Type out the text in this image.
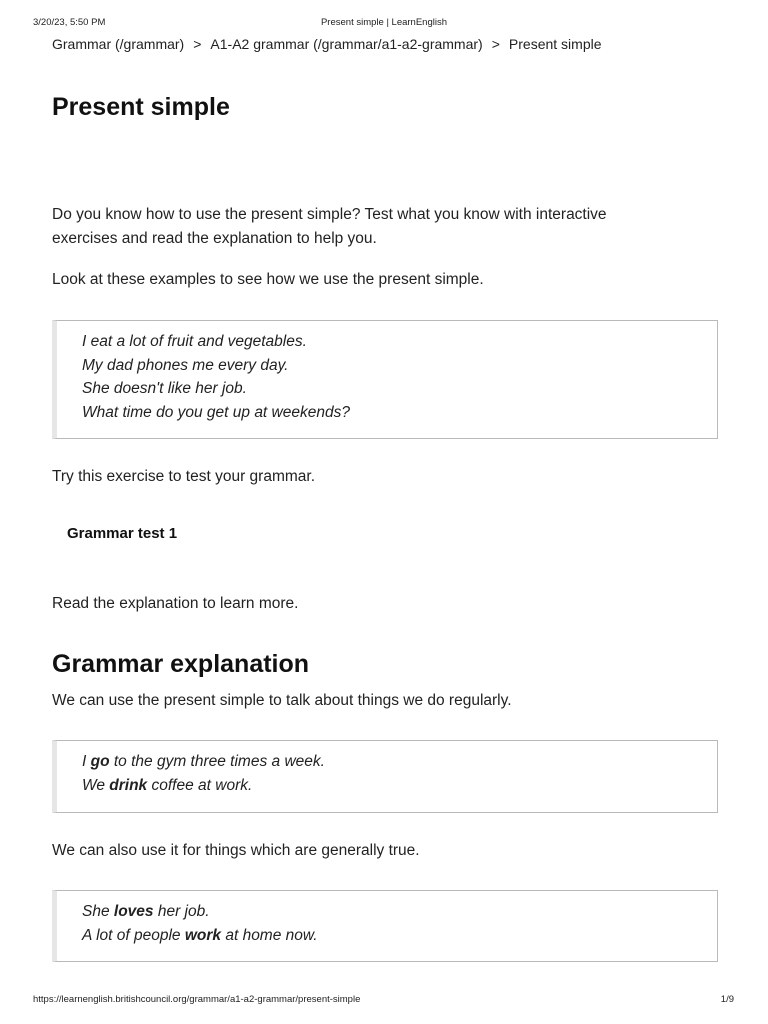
3/20/23, 5:50 PM	Present simple | LearnEnglish
Grammar (/grammar) > A1-A2 grammar (/grammar/a1-a2-grammar) > Present simple
Present simple
Do you know how to use the present simple? Test what you know with interactive
exercises and read the explanation to help you.
Look at these examples to see how we use the present simple.
I eat a lot of fruit and vegetables.
My dad phones me every day.
She doesn't like her job.
What time do you get up at weekends?
Try this exercise to test your grammar.
Grammar test 1
Read the explanation to learn more.
Grammar explanation
We can use the present simple to talk about things we do regularly.
I go to the gym three times a week.
We drink coffee at work.
We can also use it for things which are generally true.
She loves her job.
A lot of people work at home now.
https://learnenglish.britishcouncil.org/grammar/a1-a2-grammar/present-simple	1/9
